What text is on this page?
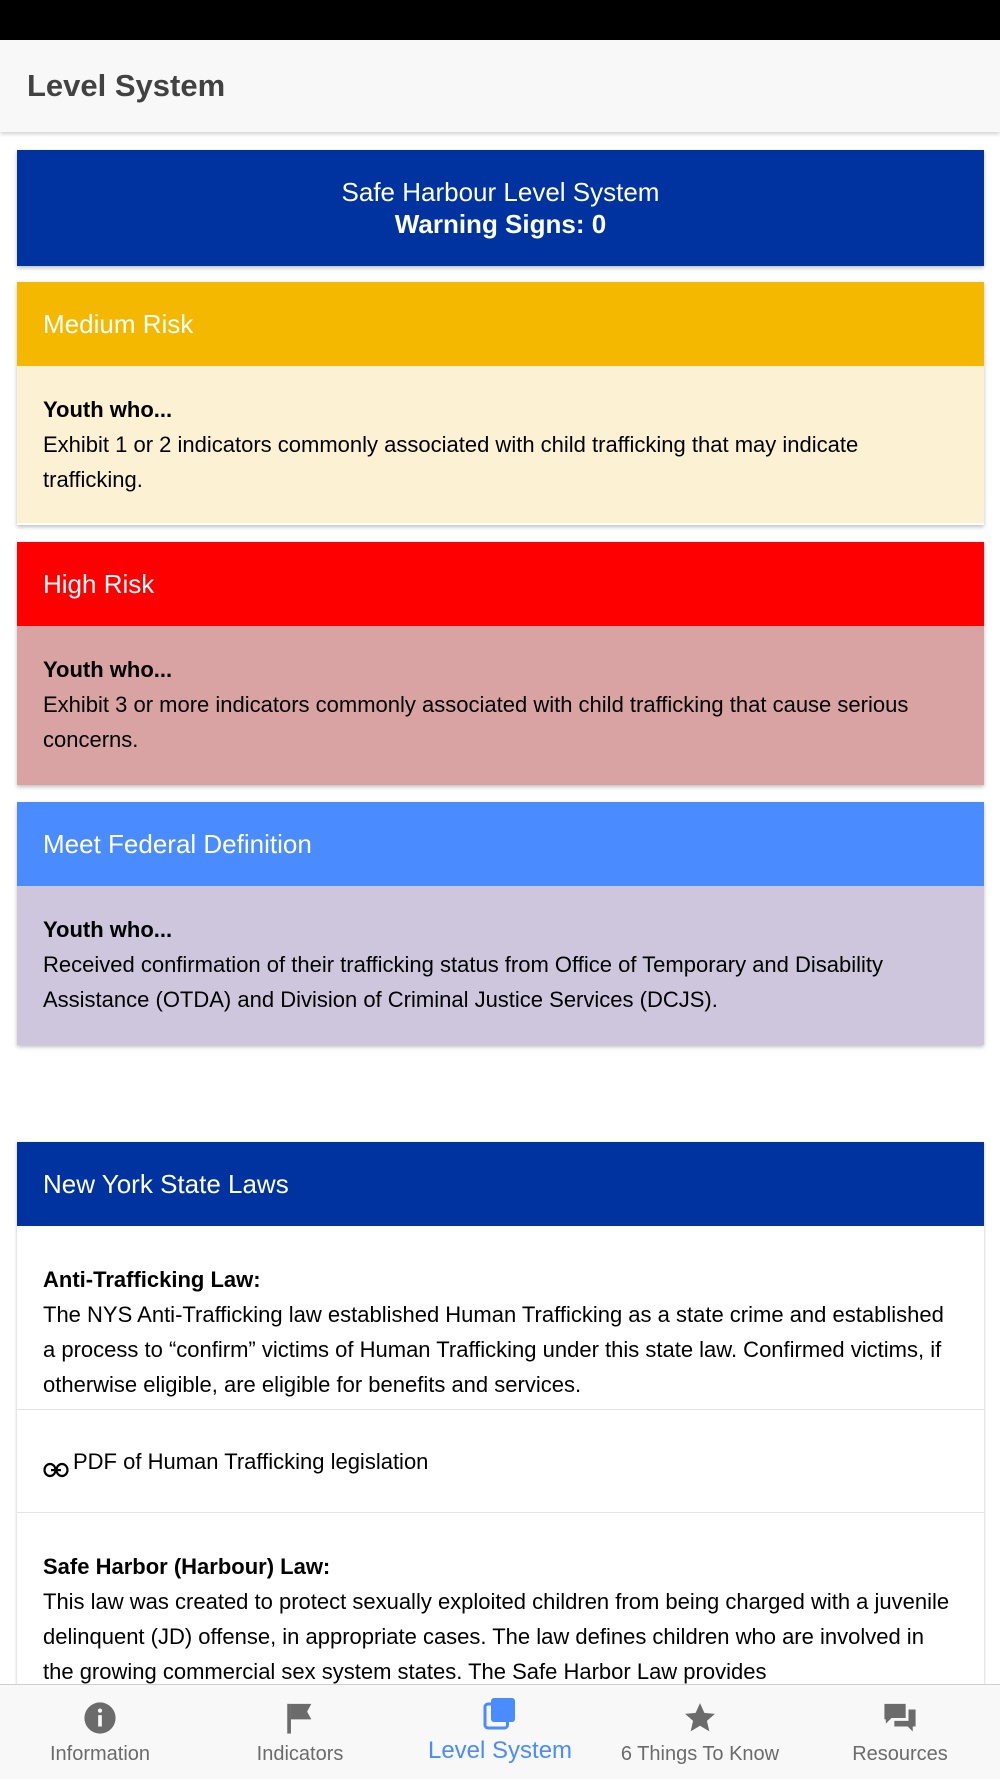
Level System
Safe Harbour Level System
Warning Signs: 0
Medium Risk
Youth who...
Exhibit 1 or 2 indicators commonly associated with child trafficking that may indicate trafficking.
High Risk
Youth who...
Exhibit 3 or more indicators commonly associated with child trafficking that cause serious concerns.
Meet Federal Definition
Youth who...
Received confirmation of their trafficking status from Office of Temporary and Disability Assistance (OTDA) and Division of Criminal Justice Services (DCJS).
New York State Laws
Anti-Trafficking Law:
The NYS Anti-Trafficking law established Human Trafficking as a state crime and established a process to “confirm” victims of Human Trafficking under this state law. Confirmed victims, if otherwise eligible, are eligible for benefits and services.
PDF of Human Trafficking legislation
Safe Harbor (Harbour) Law:
This law was created to protect sexually exploited children from being charged with a juvenile delinquent (JD) offense, in appropriate cases. The law defines children who are involved in the growing commercial sex system states. The Safe Harbor Law provides
Information	Indicators	Level System 6 Things To Know	Resources
